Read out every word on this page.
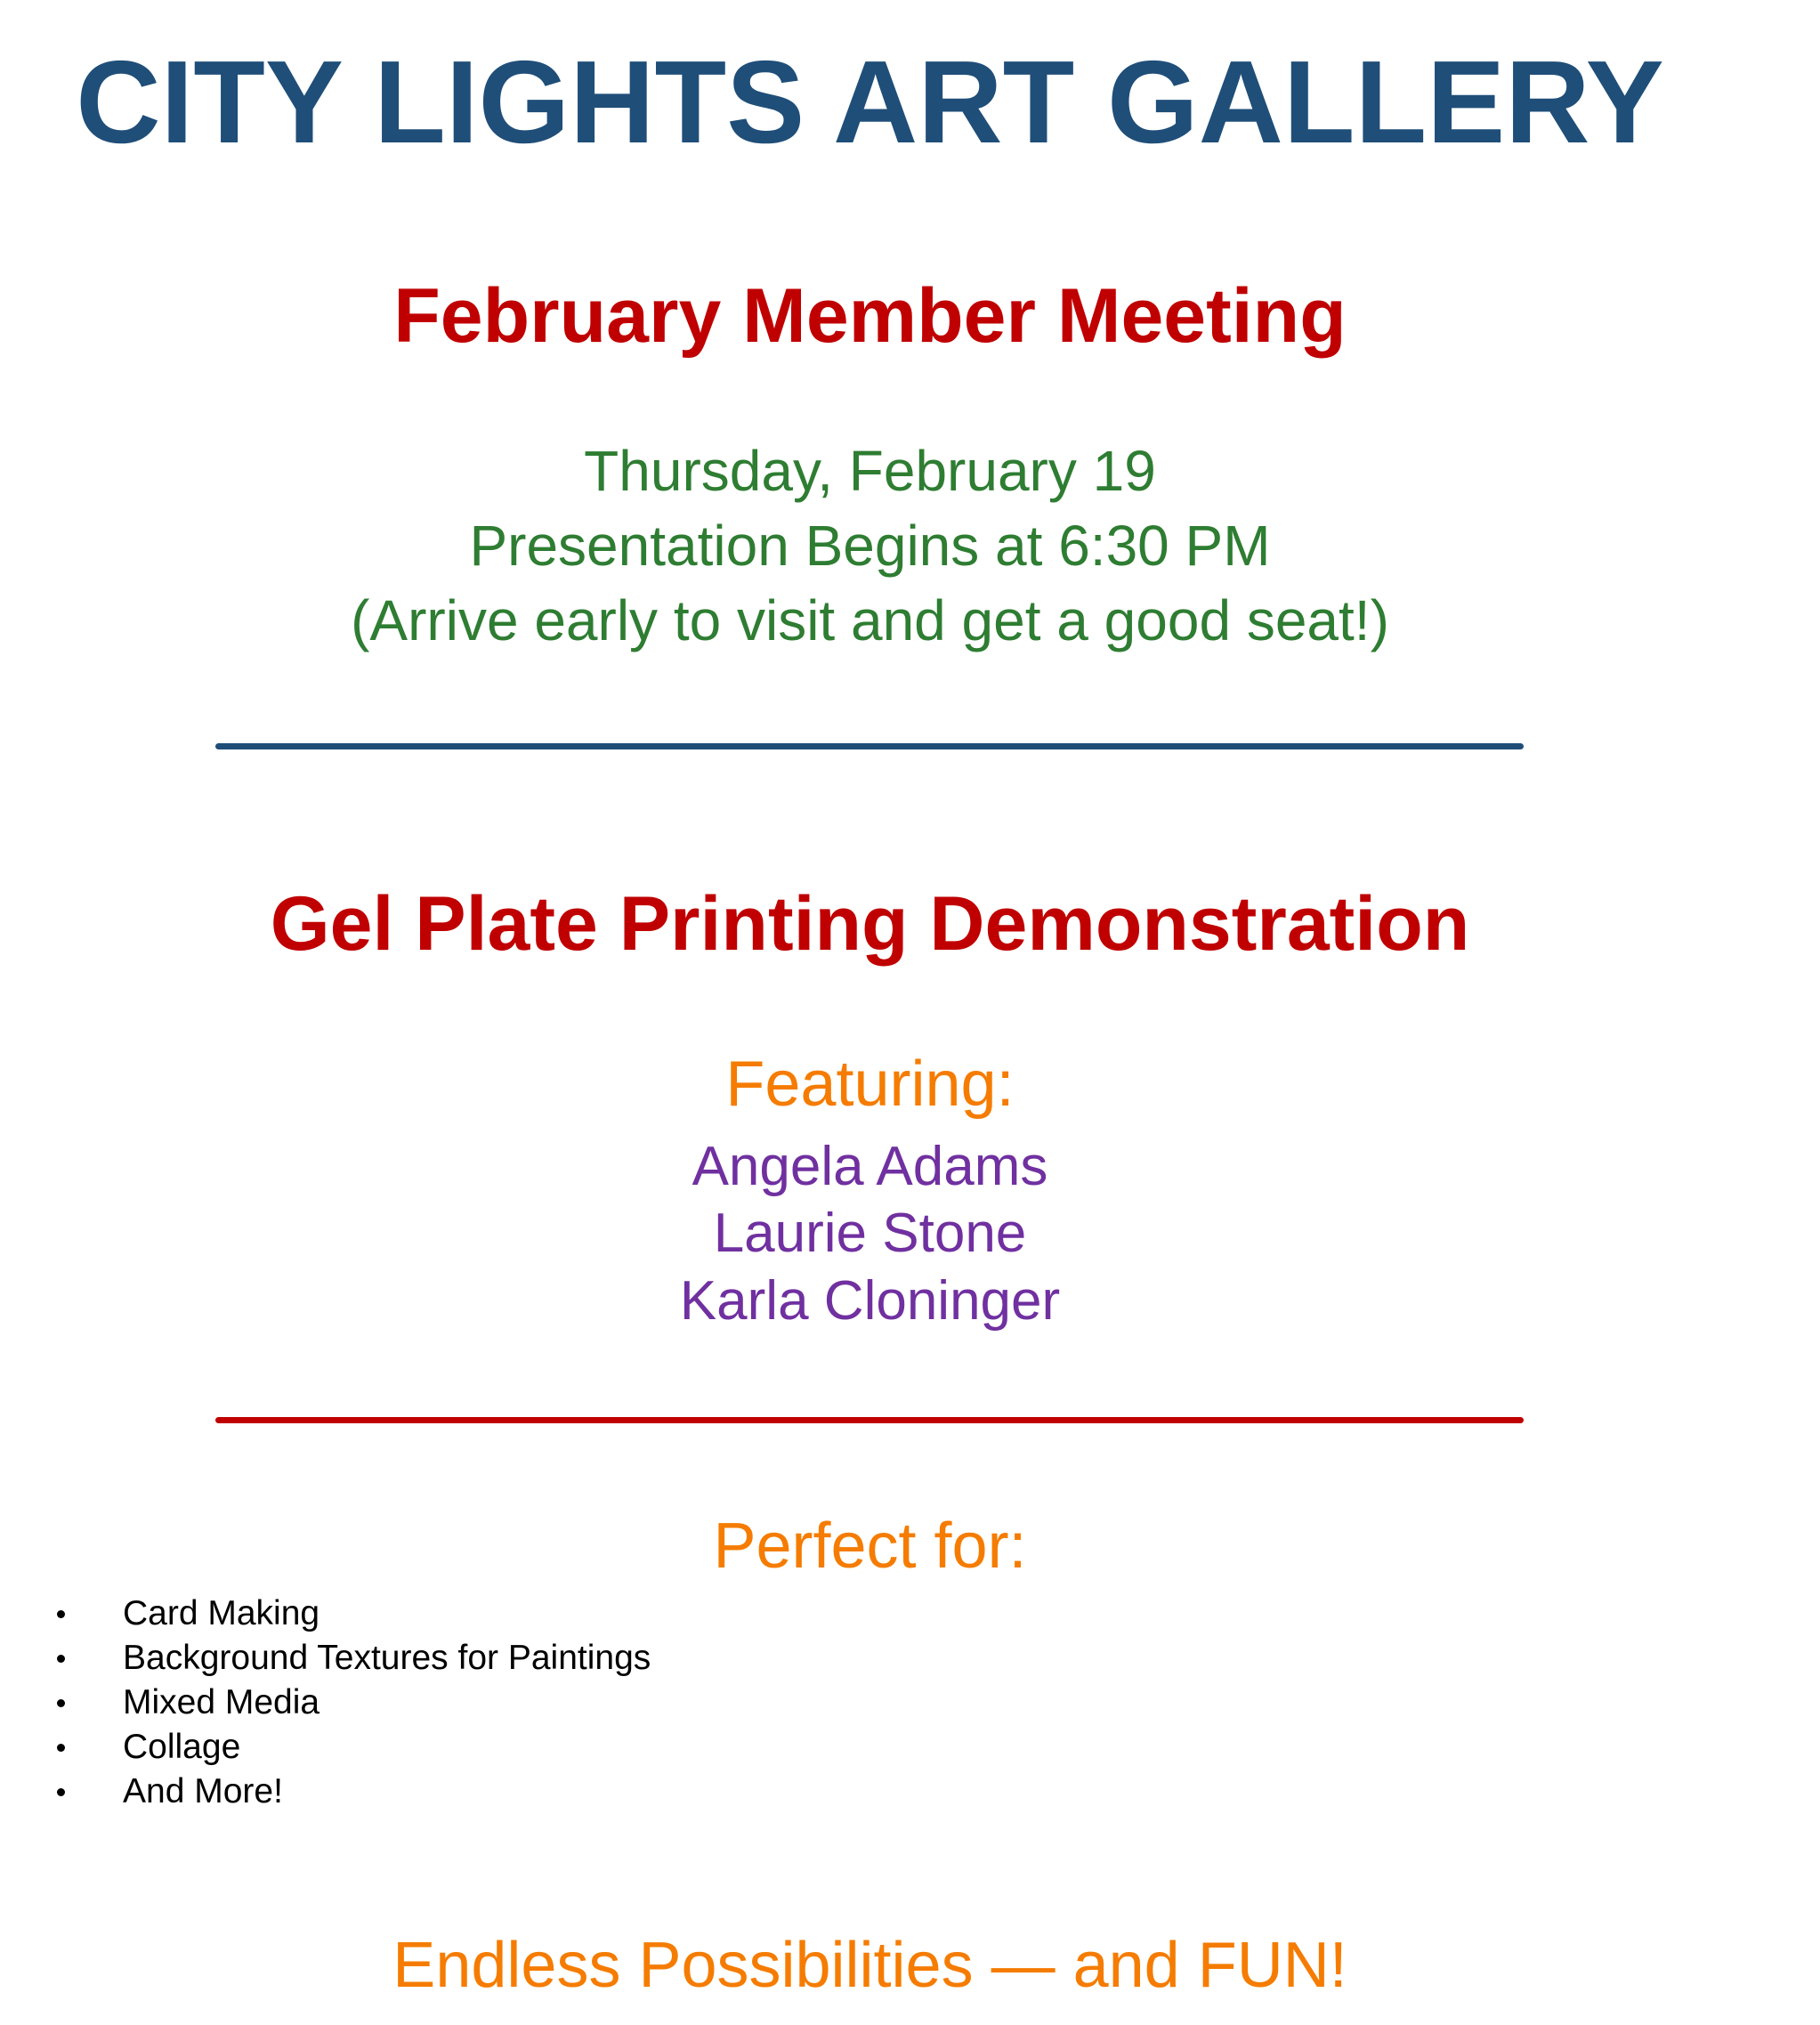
CITY LIGHTS ART GALLERY
February Member Meeting
Thursday, February 19
Presentation Begins at 6:30 PM
(Arrive early to visit and get a good seat!)
Gel Plate Printing Demonstration
Featuring:
Angela Adams
Laurie Stone
Karla Cloninger
Perfect for:
Card Making
Background Textures for Paintings
Mixed Media
Collage
And More!
Endless Possibilities — and FUN!
